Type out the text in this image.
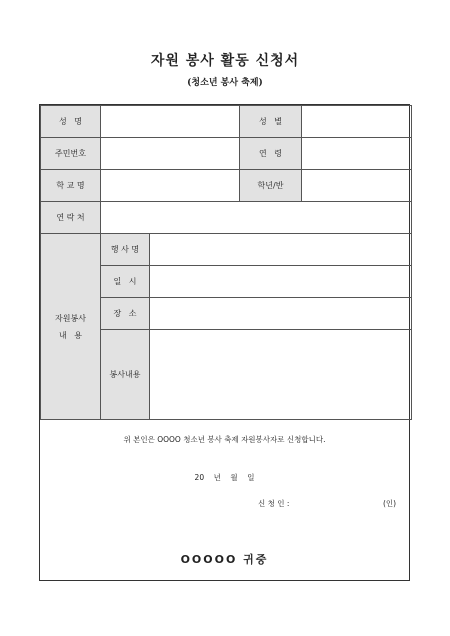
자원 봉사 활동 신청서
(청소년 봉사 축제)
성   명			성   별	
주민번호			연   령	
학 교 명			학년/반	
연 락 처				

자원봉사
내   용	행 사 명			
	일   시			
	장   소			
	봉사내용			
위 본인은 OOOO 청소년 봉사 축제 자원봉사자로 신청합니다.
20    년    월    일
신 청 인 :	(인)
OOOOO 귀중
